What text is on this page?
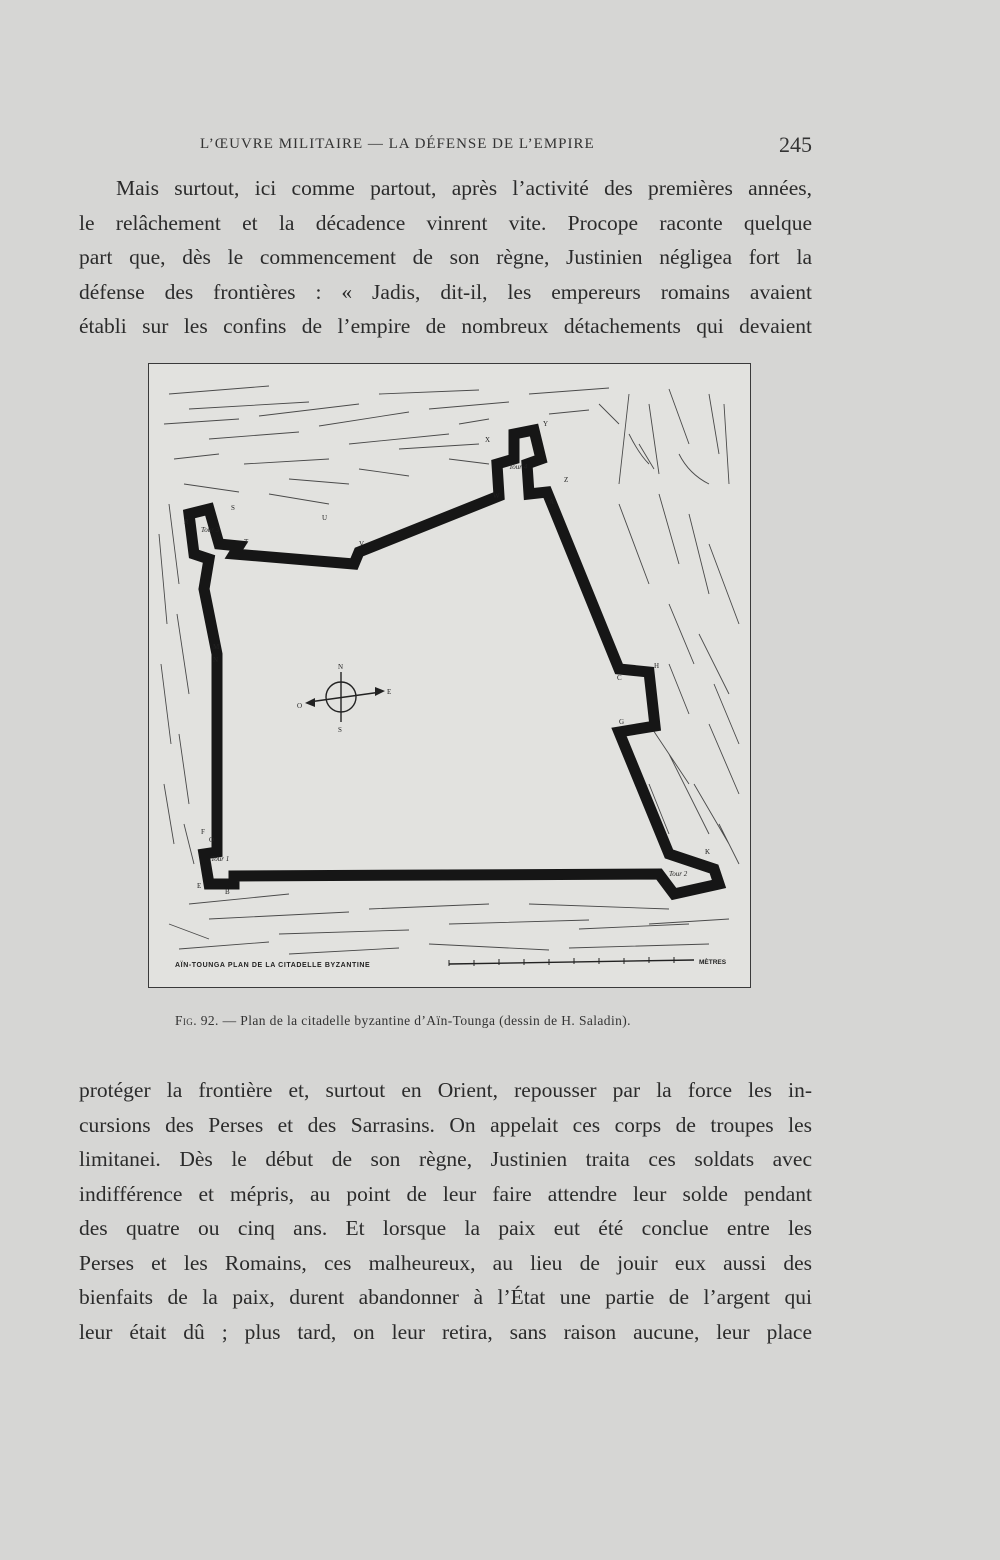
L’ŒUVRE MILITAIRE — LA DÉFENSE DE L’EMPIRE	245
Mais surtout, ici comme partout, après l’activité des premières années,
le relâchement et la décadence vinrent vite. Procope raconte quelque
part que, dès le commencement de son règne, Justinien négligea fort la
défense des frontières : « Jadis, dit-il, les empereurs romains avaient
établi sur les confins de l’empire de nombreux détachements qui devaient
Tour 4
Tour 1
Tour 2
Tour 3
R
S
T
U
V
W
X
Y
Z
A
B
C
E
F
G
H
K
M
N
O
N
S
E
O
MÈTRES
AÏN-TOUNGA PLAN DE LA CITADELLE BYZANTINE
Fig. 92. — Plan de la citadelle byzantine d’Aïn-Tounga (dessin de H. Saladin).
protéger la frontière et, surtout en Orient, repousser par la force les in-
cursions des Perses et des Sarrasins. On appelait ces corps de troupes les
limitanei. Dès le début de son règne, Justinien traita ces soldats avec
indifférence et mépris, au point de leur faire attendre leur solde pendant
des quatre ou cinq ans. Et lorsque la paix eut été conclue entre les
Perses et les Romains, ces malheureux, au lieu de jouir eux aussi des
bienfaits de la paix, durent abandonner à l’État une partie de l’argent qui
leur était dû ; plus tard, on leur retira, sans raison aucune, leur place
